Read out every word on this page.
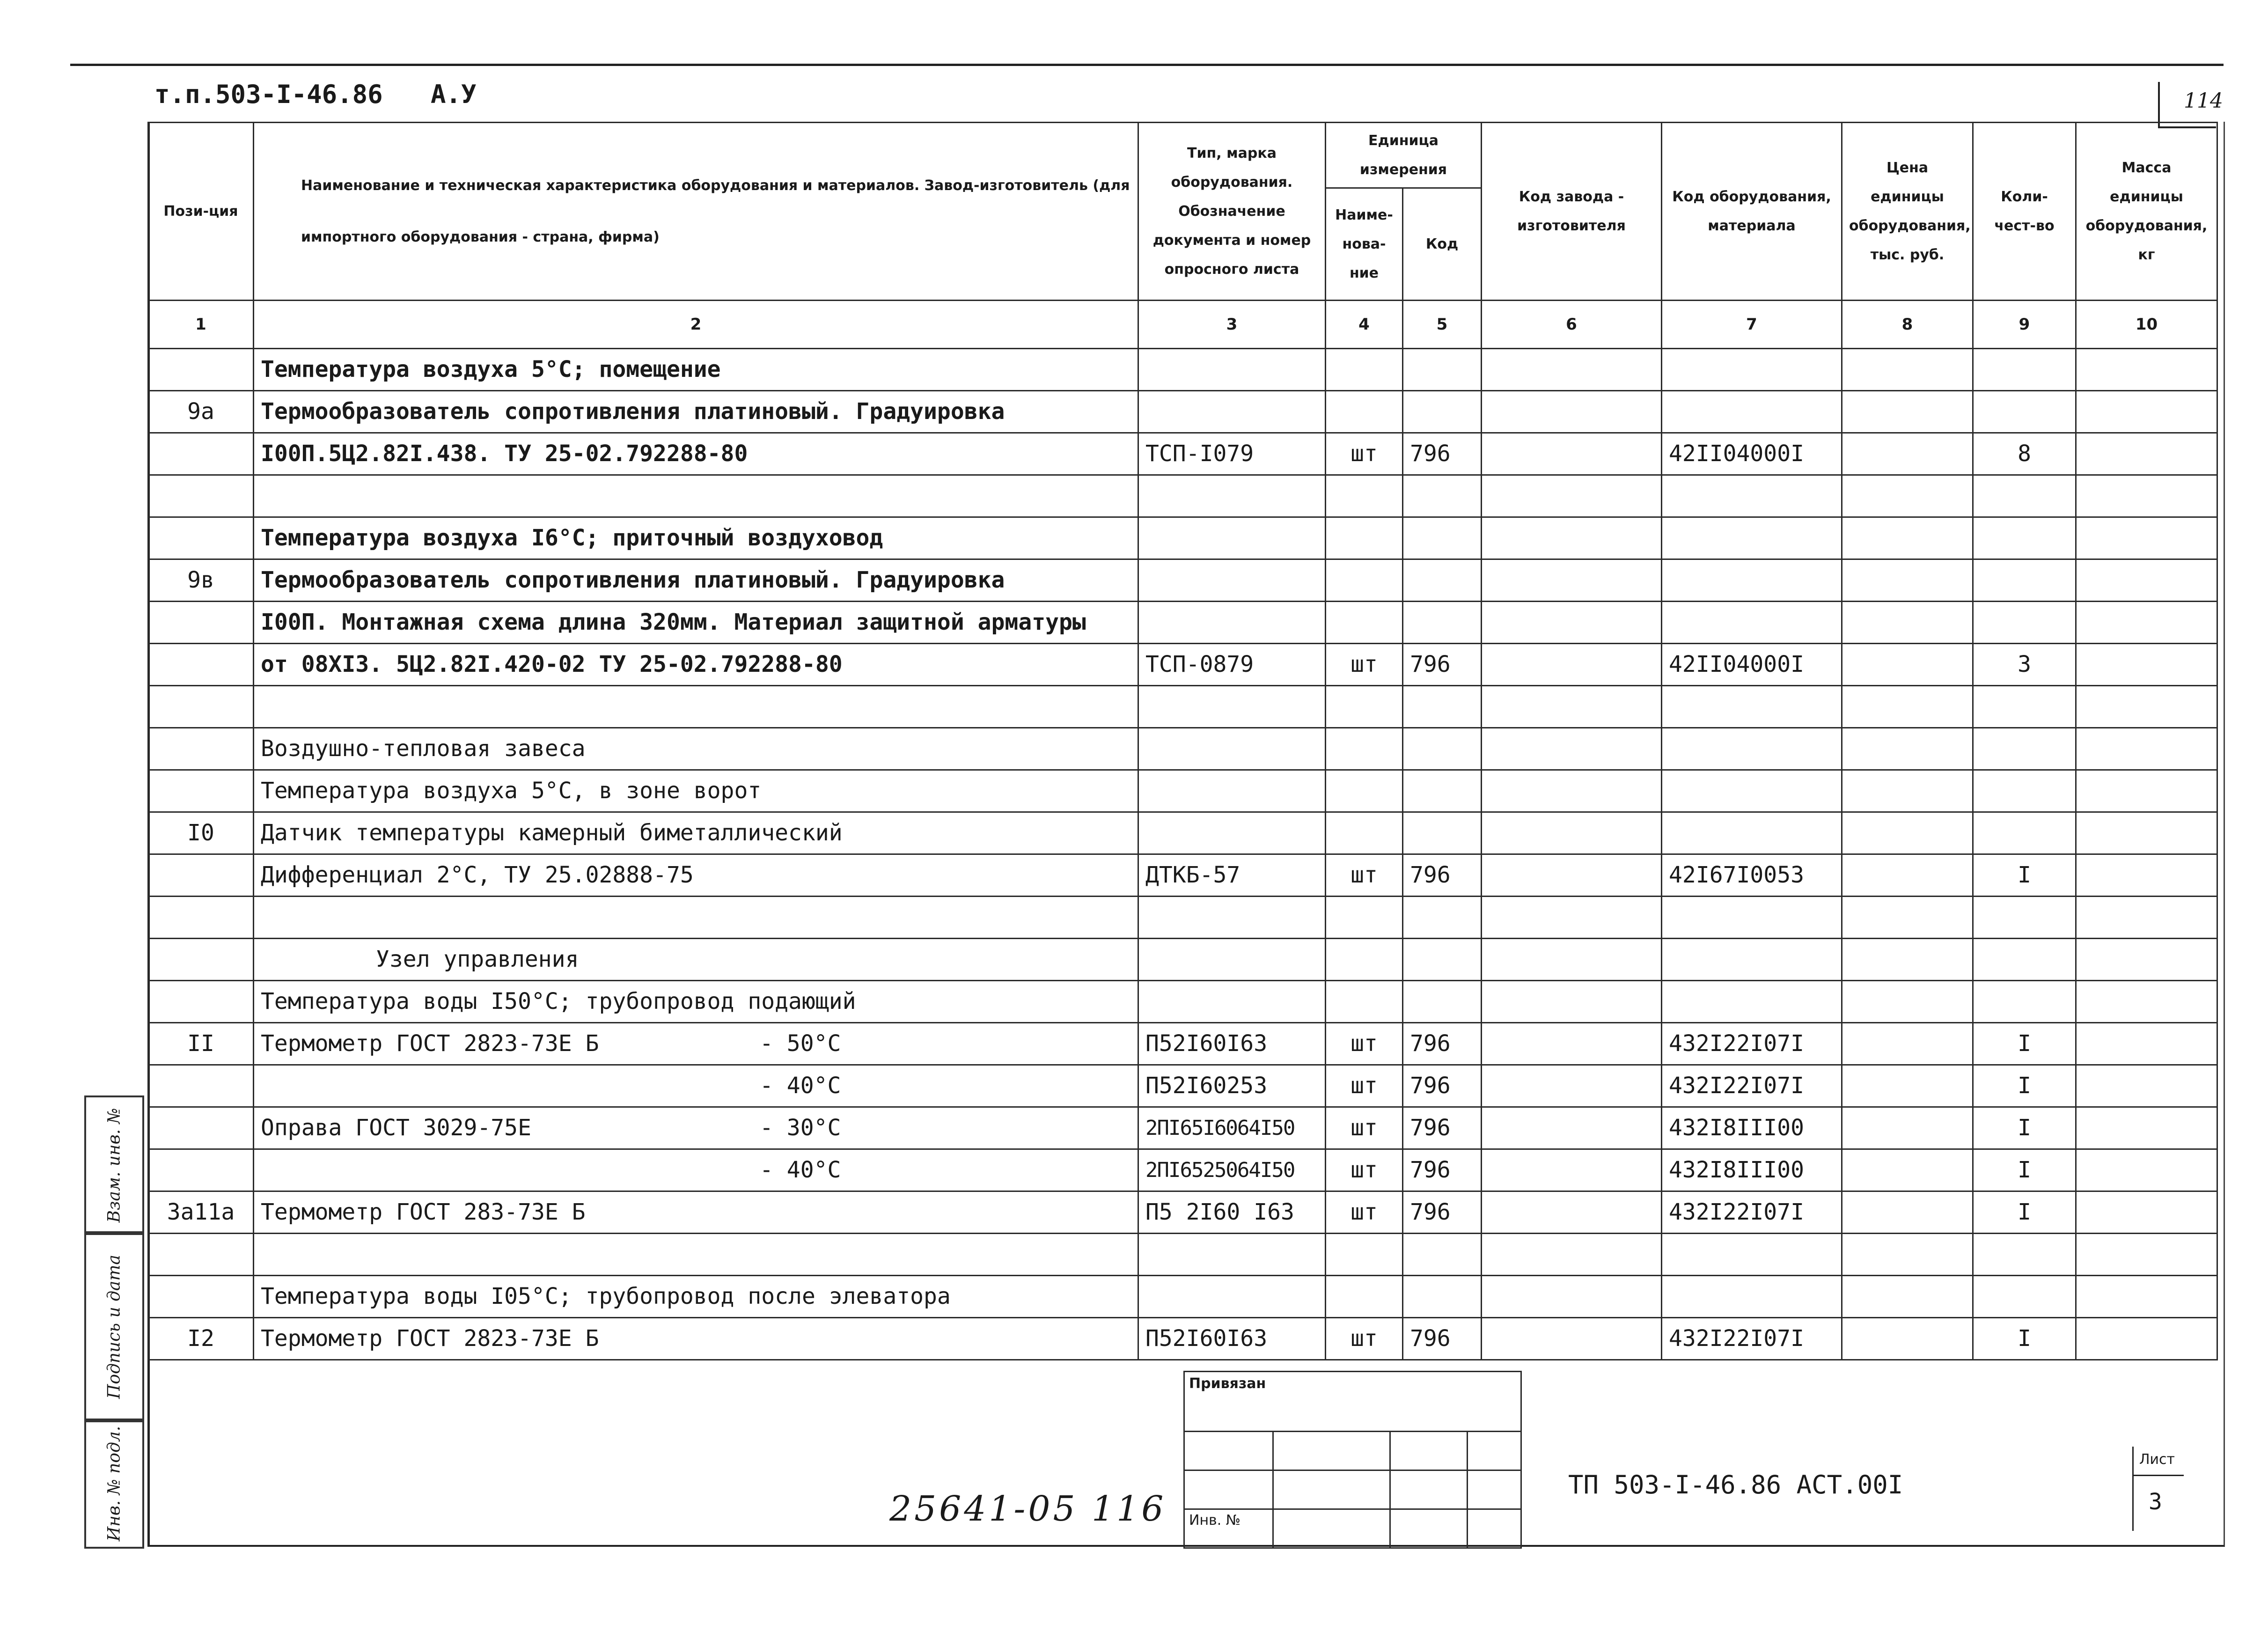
т.п.503-I-46.86 А.У	114
Пози-ция	Наименование и техническая характеристика оборудования и материалов. Завод-изготовитель (для импортного оборудования - страна, фирма)	Тип, марка оборудования. Обозначение документа и номер опросного листа	Единица измерения		Код завода - изготовителя	Код оборудования, материала	Цена единицы оборудования, тыс. руб.	Коли-чест-во	Масса единицы оборудования, кг
			Наиме-нова-ние	Код					
1	2	3	4	5	6	7	8	9	10
	Температура воздуха 5°C; помещение								
9а	Термообразователь сопротивления платиновый. Градуировка								
	I00П.5Ц2.82I.438. ТУ 25-02.792288-80	ТСП-I079	шт	796		42II04000I		8	

	Температура воздуха I6°C; приточный воздуховод								
9в	Термообразователь сопротивления платиновый. Градуировка								
	I00П. Монтажная схема длина 320мм. Материал защитной арматуры								
	от 08ХI3. 5Ц2.82I.420-02 ТУ 25-02.792288-80	ТСП-0879	шт	796		42II04000I		3	

	Воздушно-тепловая завеса								
	Температура воздуха 5°C, в зоне ворот								
I0	Датчик температуры камерный биметаллический								
	Дифференциал 2°C, ТУ 25.02888-75	ДТКБ-57	шт	796		42I67I0053		I	

	Узел управления								
	Температура воды I50°C; трубопровод подающий								
II	Термометр ГОСТ 2823-73Е Б - 50°C	П52I60I63	шт	796		432I22I07I		I	

	- 40°C	П52I60253	шт	796		432I22I07I		I	
	Оправа ГОСТ 3029-75Е - 30°C	2ПI65I6064I50	шт	796		432I8III00		I	

	- 40°C	2ПI6525064I50	шт	796		432I8III00		I	
3а11а	Термометр ГОСТ 283-73Е Б	П5 2I60 I63	шт	796		432I22I07I		I	

	Температура воды I05°C; трубопровод после элеватора								
I2	Термометр ГОСТ 2823-73Е Б	П52I60I63	шт	796		432I22I07I		I	
Взам. инв. №
Подпись и дата
Инв. № подл.

Привязан
Инв. №
ТП 503-I-46.86 АСТ.00I
Лист
3
25641-05 116
